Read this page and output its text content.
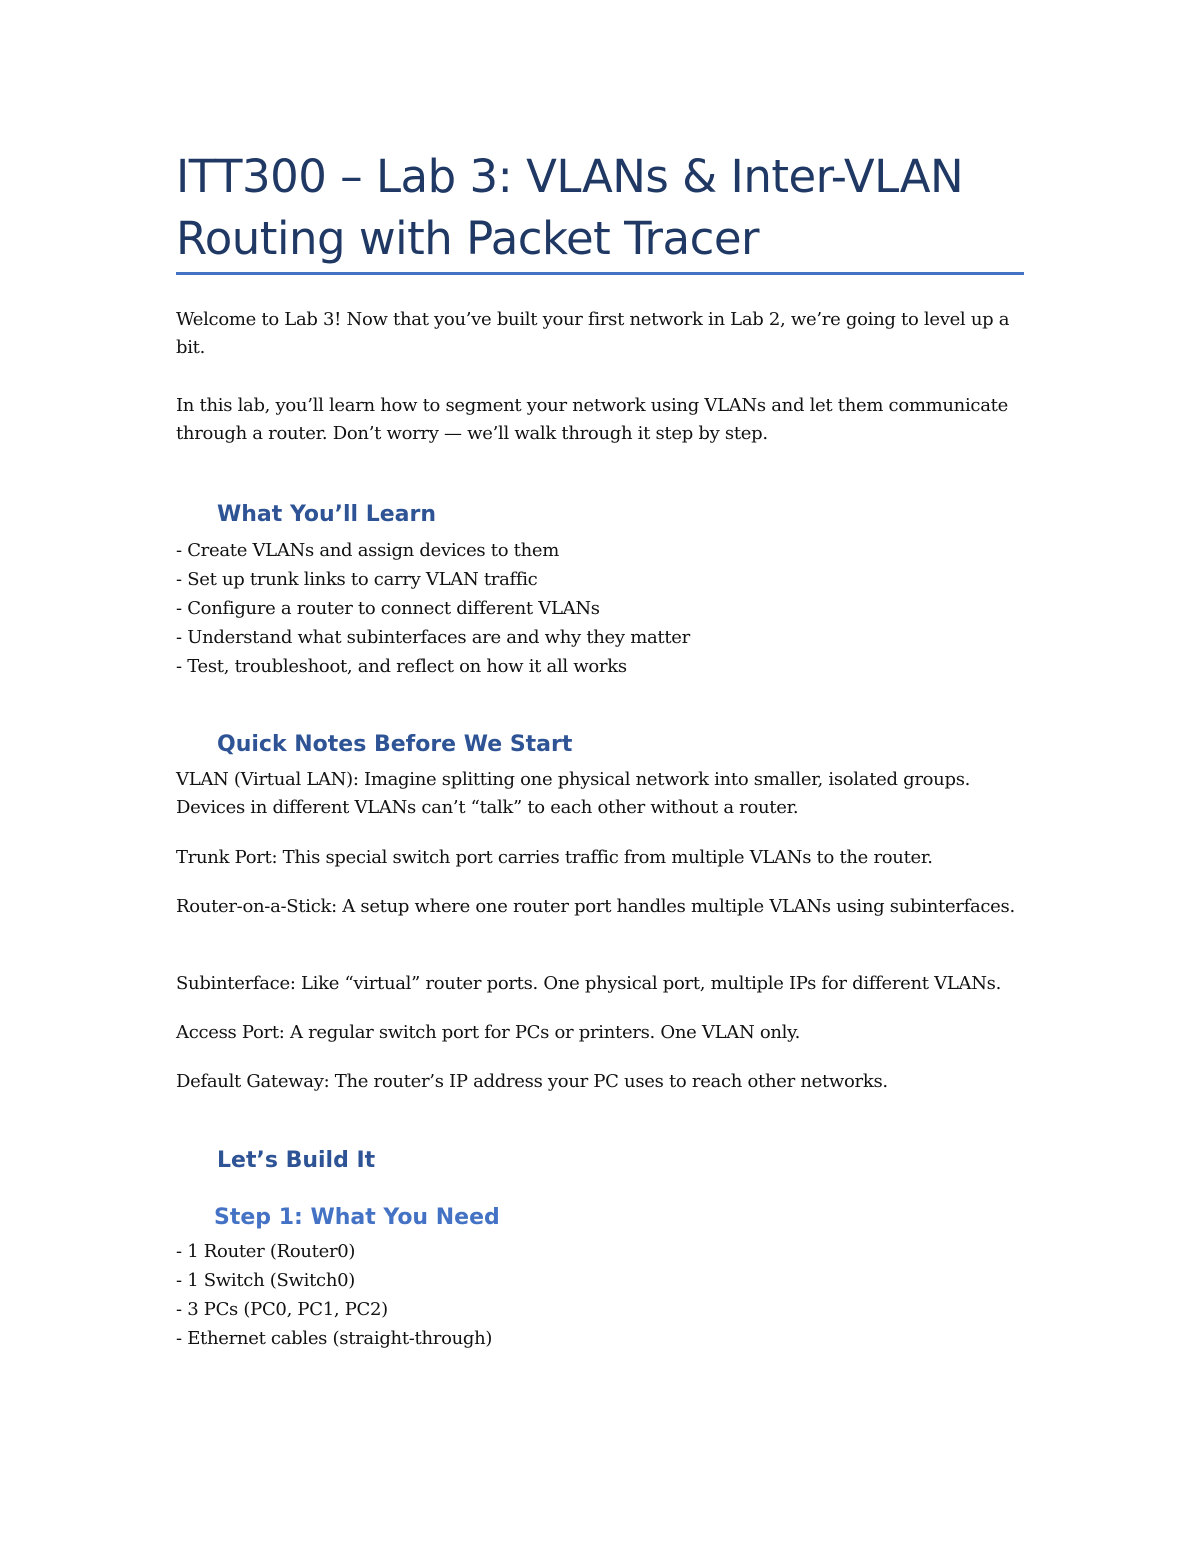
ITT300 – Lab 3: VLANs & Inter-VLAN Routing with Packet Tracer

Welcome to Lab 3! Now that you’ve built your first network in Lab 2, we’re going to level up a bit.

In this lab, you’ll learn how to segment your network using VLANs and let them communicate through a router. Don’t worry — we’ll walk through it step by step.

What You’ll Learn
- Create VLANs and assign devices to them
- Set up trunk links to carry VLAN traffic
- Configure a router to connect different VLANs
- Understand what subinterfaces are and why they matter
- Test, troubleshoot, and reflect on how it all works
Quick Notes Before We Start

VLAN (Virtual LAN): Imagine splitting one physical network into smaller, isolated groups. Devices in different VLANs can’t “talk” to each other without a router.

Trunk Port: This special switch port carries traffic from multiple VLANs to the router.

Router-on-a-Stick: A setup where one router port handles multiple VLANs using subinterfaces.

Subinterface: Like “virtual” router ports. One physical port, multiple IPs for different VLANs.

Access Port: A regular switch port for PCs or printers. One VLAN only.

Default Gateway: The router’s IP address your PC uses to reach other networks.

Let’s Build It
Step 1: What You Need
- 1 Router (Router0)
- 1 Switch (Switch0)
- 3 PCs (PC0, PC1, PC2)
- Ethernet cables (straight-through)
